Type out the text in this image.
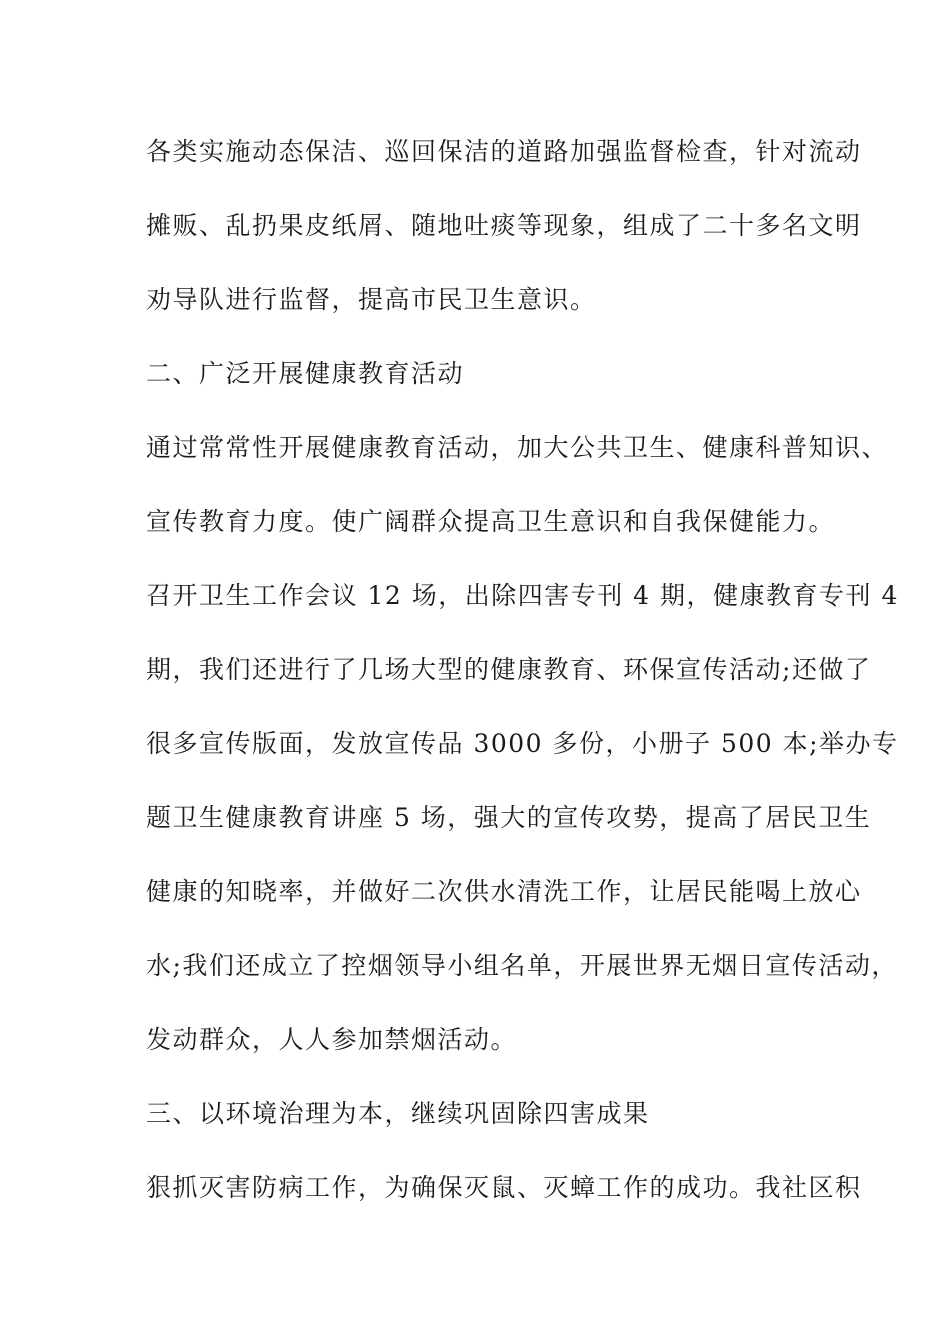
各类实施动态保洁、巡回保洁的道路加强监督检查，针对流动
摊贩、乱扔果皮纸屑、随地吐痰等现象，组成了二十多名文明
劝导队进行监督，提高市民卫生意识。
二、广泛开展健康教育活动
通过常常性开展健康教育活动，加大公共卫生、健康科普知识、
宣传教育力度。使广阔群众提高卫生意识和自我保健能力。
召开卫生工作会议 12 场，出除四害专刊 4 期，健康教育专刊 4
期，我们还进行了几场大型的健康教育、环保宣传活动;还做了
很多宣传版面，发放宣传品 3000 多份，小册子 500 本;举办专
题卫生健康教育讲座 5 场，强大的宣传攻势，提高了居民卫生
健康的知晓率，并做好二次供水清洗工作，让居民能喝上放心
水;我们还成立了控烟领导小组名单，开展世界无烟日宣传活动，
发动群众，人人参加禁烟活动。
三、以环境治理为本，继续巩固除四害成果
狠抓灭害防病工作，为确保灭鼠、灭蟑工作的成功。我社区积
